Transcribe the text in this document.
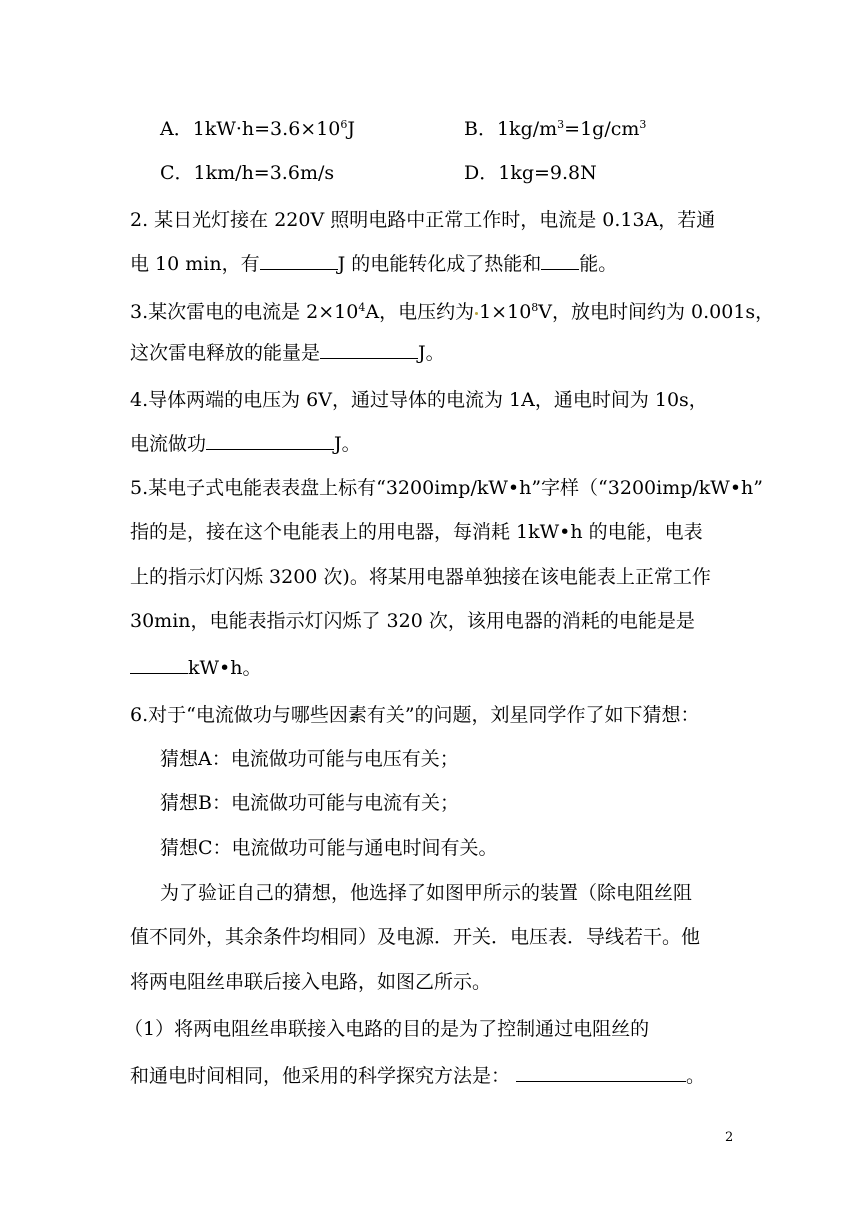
A．$1kW\cdot h=3.6\times 10^6J$	B．$1kg/m^3=1g/cm^3$
C．1km/h=3.6m/s	D．1kg=9.8N
2. 某日光灯接在 220V 照明电路中正常工作时，电流是 0.13A，若通
电 10 min，有	J 的电能转化成了热能和 能。
3.某次雷电的电流是 $2\times 10^4A$，电压约为 $1\times 10^8V$，放电时间约为 0.001s，
这次雷电释放的能量是	J。
4.导体两端的电压为 6V，通过导体的电流为 1A，通电时间为 10s，
电流做功	J。
5.某电子式电能表表盘上标有“3200imp/kW•h”字样（“3200imp/kW•h”
指的是，接在这个电能表上的用电器，每消耗 1kW•h 的电能，电表
上的指示灯闪烁 3200 次)。将某用电器单独接在该电能表上正常工作
30min，电能表指示灯闪烁了 320 次，该用电器的消耗的电能是是
kW•h。
6.对于“电流做功与哪些因素有关”的问题，刘星同学作了如下猜想：
猜想A：电流做功可能与电压有关；
猜想B：电流做功可能与电流有关；
猜想C：电流做功可能与通电时间有关。
为了验证自己的猜想，他选择了如图甲所示的装置（除电阻丝阻
值不同外，其余条件均相同）及电源．开关．电压表．导线若干。他
将两电阻丝串联后接入电路，如图乙所示。
（1）将两电阻丝串联接入电路的目的是为了控制通过电阻丝的
和通电时间相同，他采用的科学探究方法是：	。
2
